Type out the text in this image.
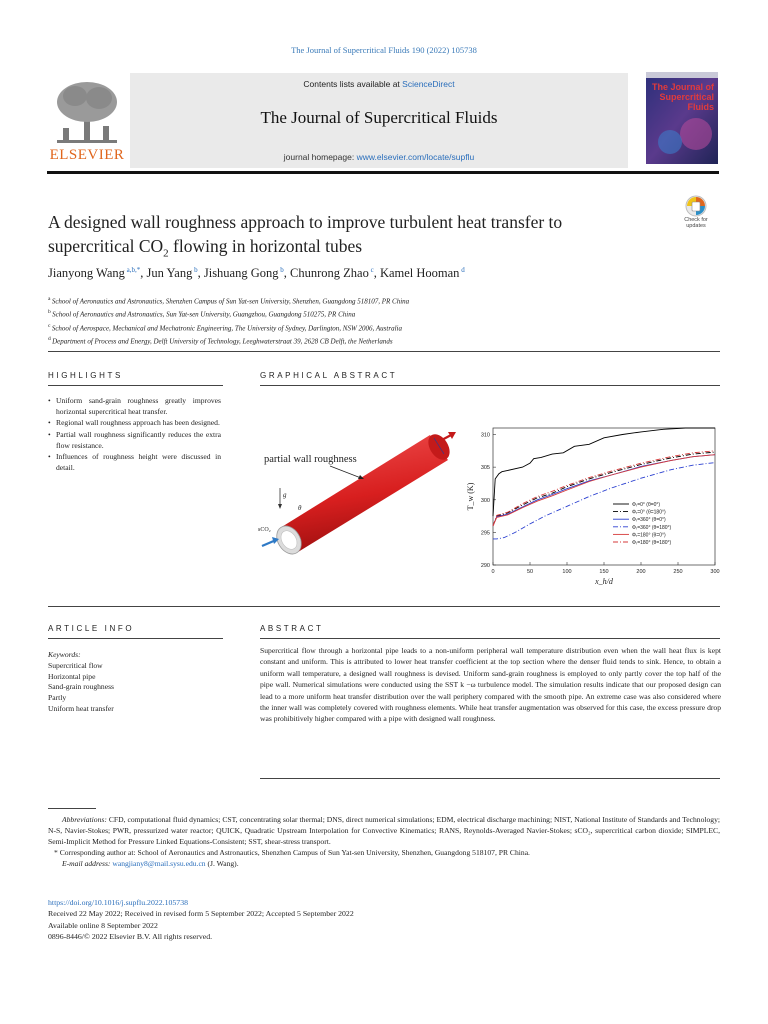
The Journal of Supercritical Fluids 190 (2022) 105738
ELSEVIER
Contents lists available at ScienceDirect
The Journal of Supercritical Fluids
journal homepage: www.elsevier.com/locate/supflu
The Journal of Supercritical Fluids
A designed wall roughness approach to improve turbulent heat transfer to supercritical $CO_2$ flowing in horizontal tubes
Check for updates
Jianyong Wang $^{a,b,*}$, Jun Yang $^b$, Jishuang Gong $^b$, Chunrong Zhao $^c$, Kamel Hooman $^d$
$^a$ School of Aeronautics and Astronautics, Shenzhen Campus of Sun Yat-sen University, Shenzhen, Guangdong 518107, PR China
$^b$ School of Aeronautics and Astronautics, Sun Yat-sen University, Guangzhou, Guangdong 510275, PR China
$^c$ School of Aerospace, Mechanical and Mechatronic Engineering, The University of Sydney, Darlington, NSW 2006, Australia
$^d$ Department of Process and Energy, Delft University of Technology, Leeghwaterstraat 39, 2628 CB Delft, the Netherlands
HIGHLIGHTS	GRAPHICAL ABSTRACT
• Uniform sand-grain roughness greatly improves horizontal supercritical heat transfer.
• Regional wall roughness approach has been designed.
• Partial wall roughness significantly reduces the extra flow resistance.
• Influences of roughness height were discussed in detail.
g
θ
sCO₂
partial wall roughness
0	50	100	150	200	250	300
290
295
300
305
310
x_h/d
T_w (K)	Φᵣ=0° (θ=0°)
Φᵣ=0° (θ=180°)
Φᵣ=360° (θ=0°)
Φᵣ=360° (θ=180°)
Φᵣ=180° (θ=0°)
Φᵣ=180° (θ=180°)
ARTICLE INFO	ABSTRACT
Keywords:
Supercritical flow
Horizontal pipe
Sand-grain roughness
Partly
Uniform heat transfer
Supercritical flow through a horizontal pipe leads to a non-uniform peripheral wall temperature distribution even when the wall heat flux is kept constant and uniform. This is attributed to lower heat transfer coefficient at the top section where the denser fluid tends to sink. Hence, to obtain a uniform wall temperature, a designed wall roughness is devised. Uniform sand-grain roughness is employed to only partly cover the top half of the pipe wall. Numerical simulations were conducted using the SST k −ω turbulence model. The simulation results indicate that our proposed design can lead to a more uniform heat transfer distribution over the wall periphery compared with the smooth pipe. An extreme case was also considered where the inner wall was completely covered with roughness elements. While heat transfer augmentation was observed for this case, the excess pressure drop was prohibitively higher compared with a pipe with designed wall roughness.
Abbreviations: CFD, computational fluid dynamics; CST, concentrating solar thermal; DNS, direct numerical simulations; EDM, electrical discharge machining; NIST, National Institute of Standards and Technology; N-S, Navier-Stokes; PWR, pressurized water reactor; QUICK, Quadratic Upstream Interpolation for Convective Kinematics; RANS, Reynolds-Averaged Navier-Stokes; sCO₂, supercritical carbon dioxide; SIMPLEC, Semi-Implicit Method for Pressure Linked Equations-Consistent; SST, shear-stress transport.
* Corresponding author at: School of Aeronautics and Astronautics, Shenzhen Campus of Sun Yat-sen University, Shenzhen, Guangdong 518107, PR China.
E-mail address: wangjiany8@mail.sysu.edu.cn (J. Wang).
https://doi.org/10.1016/j.supflu.2022.105738
Received 22 May 2022; Received in revised form 5 September 2022; Accepted 5 September 2022
Available online 8 September 2022
0896-8446/© 2022 Elsevier B.V. All rights reserved.
